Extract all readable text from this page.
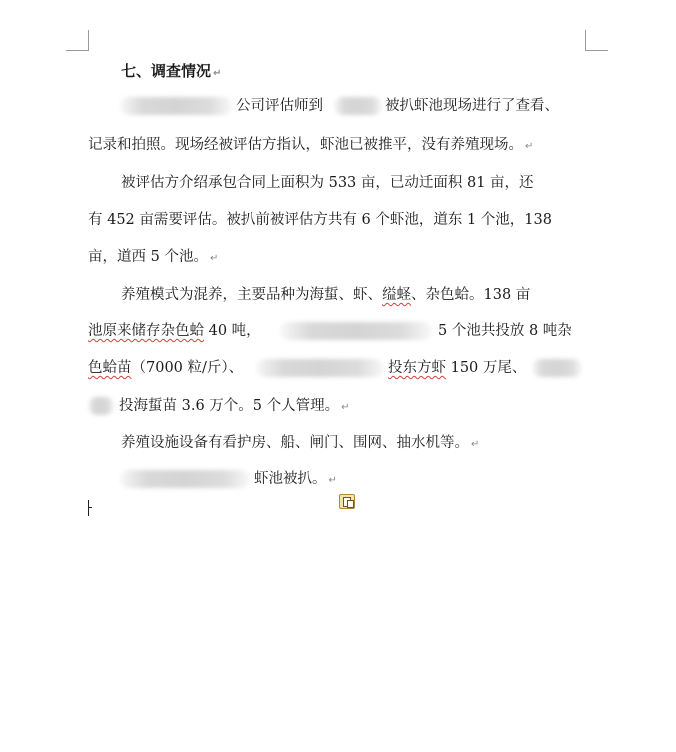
七、调查情况 ↵
公司评估师到	被扒虾池现场进行了查看、
记录和拍照。现场经被评估方指认，虾池已被推平，没有养殖现场。 ↵
被评估方介绍承包合同上面积为 533 亩，已动迁面积 81 亩，还
有 452 亩需要评估。被扒前被评估方共有 6 个虾池，道东 1 个池，138
亩，道西 5 个池。 ↵
养殖模式为混养，主要品种为海蜇、虾、缢蛏、杂色蛤。138 亩
池原来储存杂色蛤 40 吨，	5 个池共投放 8 吨杂
色蛤苗（7000 粒/斤）、	投东方虾 150 万尾、
投海蜇苗 3.6 万个。5 个人管理。 ↵
养殖设施设备有看护房、船、闸门、围网、抽水机等。 ↵
虾池被扒。 ↵
